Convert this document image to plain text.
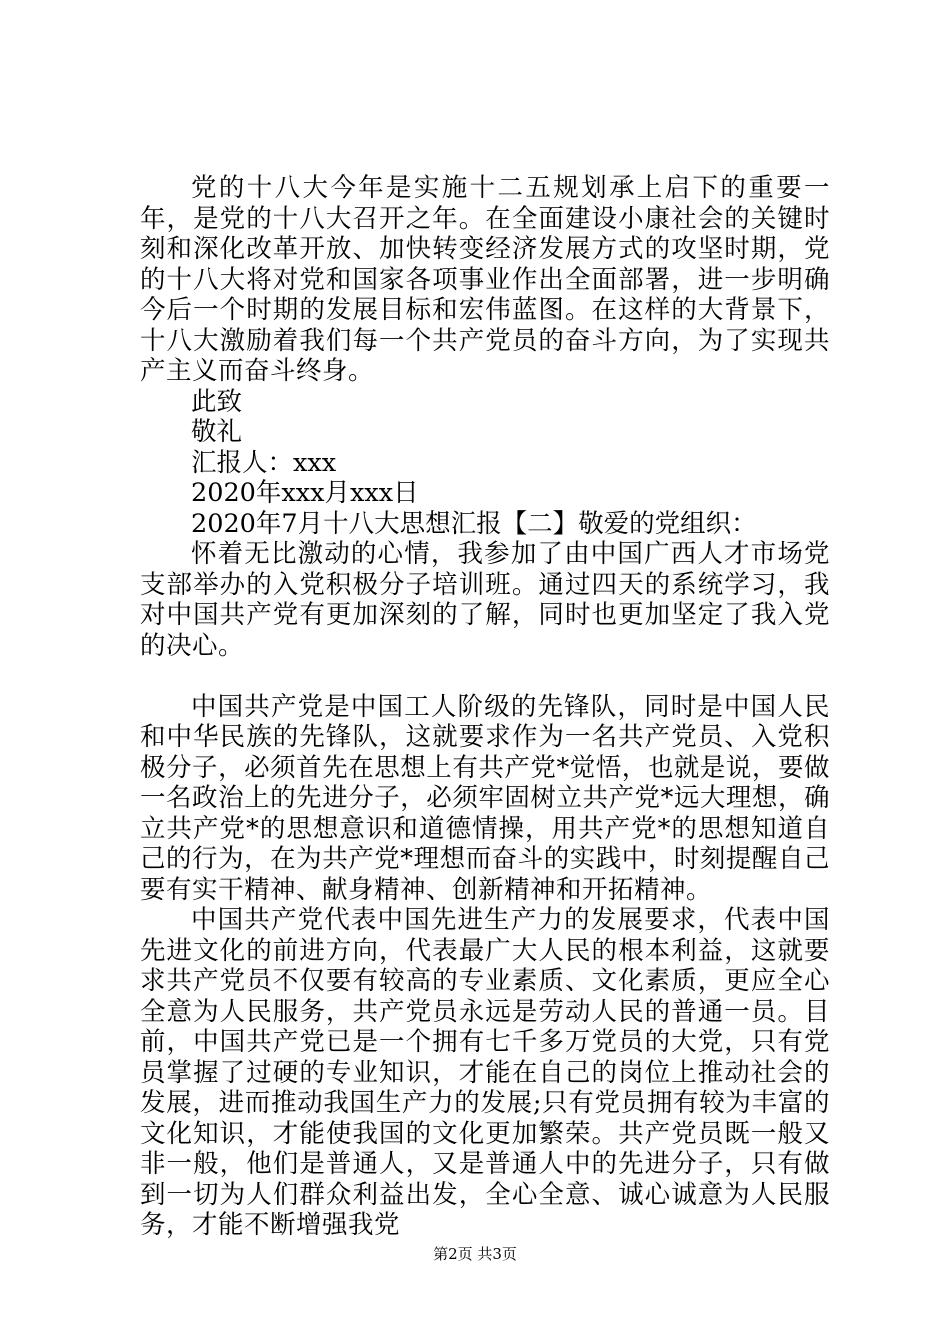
党的十八大今年是实施十二五规划承上启下的重要一年，是党的十八大召开之年。在全面建设小康社会的关键时刻和深化改革开放、加快转变经济发展方式的攻坚时期，党的十八大将对党和国家各项事业作出全面部署，进一步明确今后一个时期的发展目标和宏伟蓝图。在这样的大背景下，十八大激励着我们每一个共产党员的奋斗方向，为了实现共产主义而奋斗终身。

此致

敬礼

汇报人：xxx

2020年xxx月xxx日

2020年7月十八大思想汇报【二】敬爱的党组织：

怀着无比激动的心情，我参加了由中国广西人才市场党支部举办的入党积极分子培训班。通过四天的系统学习，我对中国共产党有更加深刻的了解，同时也更加坚定了我入党的决心。

中国共产党是中国工人阶级的先锋队，同时是中国人民和中华民族的先锋队，这就要求作为一名共产党员、入党积极分子，必须首先在思想上有共产党*觉悟，也就是说，要做一名政治上的先进分子，必须牢固树立共产党*远大理想，确立共产党*的思想意识和道德情操，用共产党*的思想知道自己的行为，在为共产党*理想而奋斗的实践中，时刻提醒自己要有实干精神、献身精神、创新精神和开拓精神。

中国共产党代表中国先进生产力的发展要求，代表中国先进文化的前进方向，代表最广大人民的根本利益，这就要求共产党员不仅要有较高的专业素质、文化素质，更应全心全意为人民服务，共产党员永远是劳动人民的普通一员。目前，中国共产党已是一个拥有七千多万党员的大党，只有党员掌握了过硬的专业知识，才能在自己的岗位上推动社会的发展，进而推动我国生产力的发展;只有党员拥有较为丰富的文化知识，才能使我国的文化更加繁荣。共产党员既一般又非一般，他们是普通人，又是普通人中的先进分子，只有做到一切为人们群众利益出发，全心全意、诚心诚意为人民服务，才能不断增强我党

第2页 共3页
